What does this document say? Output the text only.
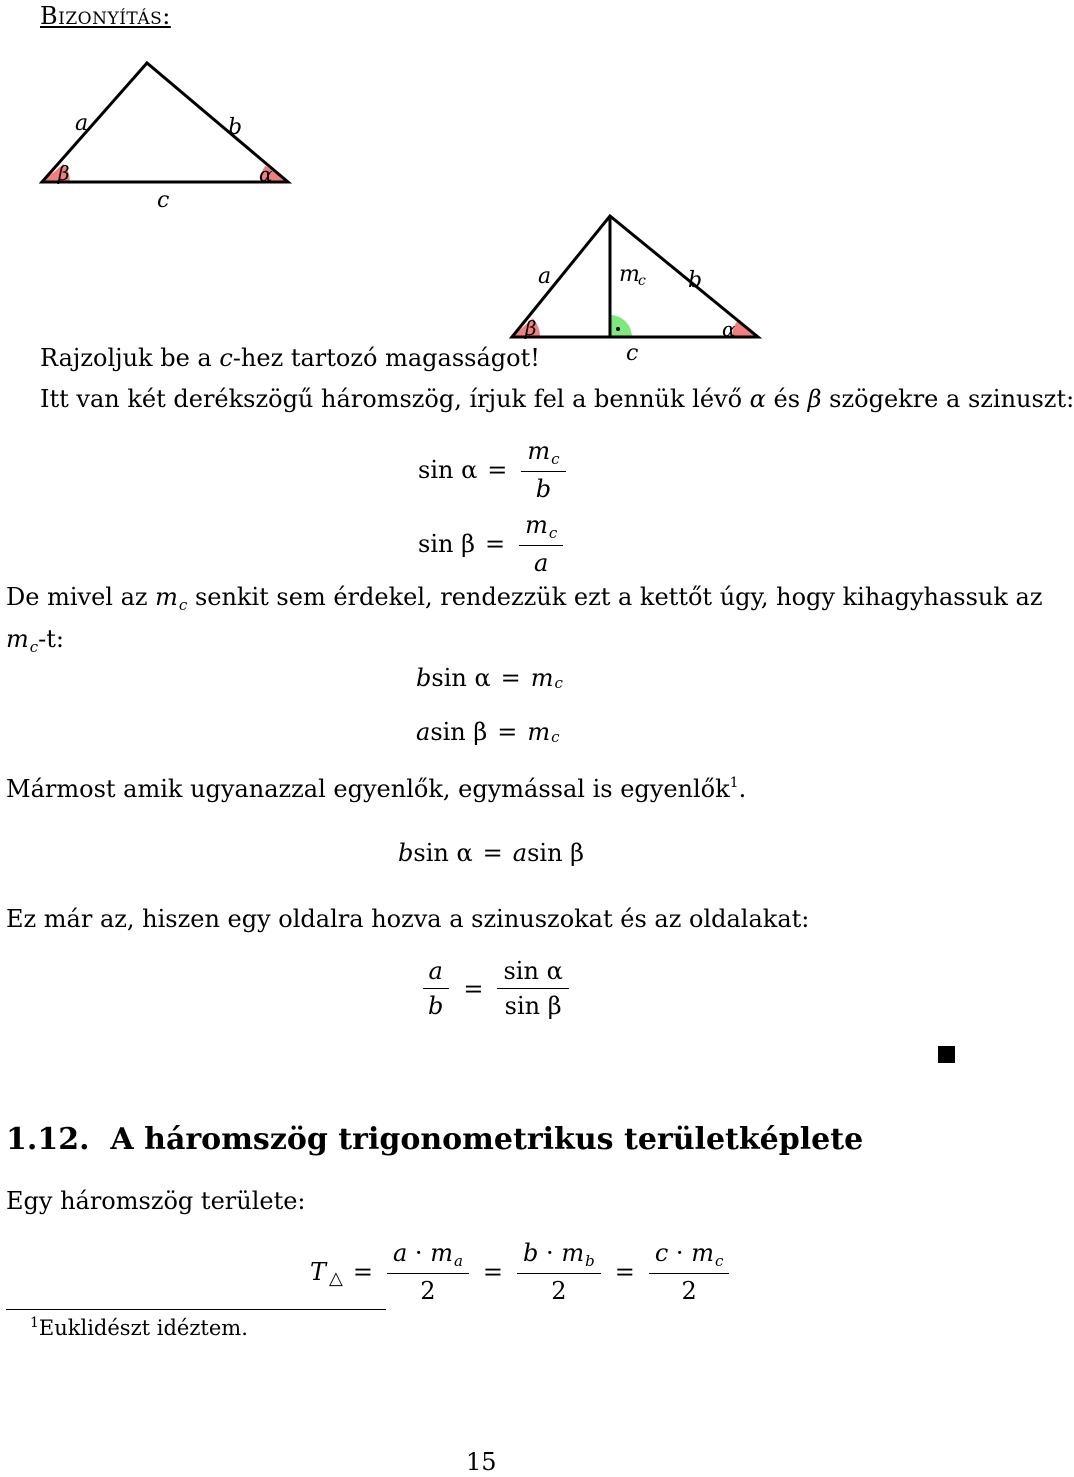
Bizonyítás:
a	b
c
β	α
a	m
c b
c
β	α
Rajzoljuk be a c-hez tartozó magasságot!
Itt van két derékszögű háromszög, írjuk fel a bennük lévő α és β szögekre a szinuszt:
$\sin \alpha = \frac{m_c}{b}$
$\sin \beta = \frac{m_c}{a}$
De mivel az $m_c$ senkit sem érdekel, rendezzük ezt a kettőt úgy, hogy kihagyhassuk az
$m_c-t$:
b sin α = m c
a sin β = m c
Mármost amik ugyanazzal egyenlők, egymással is egyenlők$^1$.
b sin α = a sin β
Ez már az, hiszen egy oldalra hozva a szinuszokat és az oldalakat:
$\frac{a}{b} = \frac{\text{sin α}}{\text{sin β}}$
1.12. A háromszög trigonometrikus területképlete
Egy háromszög területe:
T △ = $\frac{a \cdot m_a}{2} = \frac{b \cdot m_b}{2} = \frac{c \cdot m_c}{2}$
$^1$Euklidészt idéztem.
15
